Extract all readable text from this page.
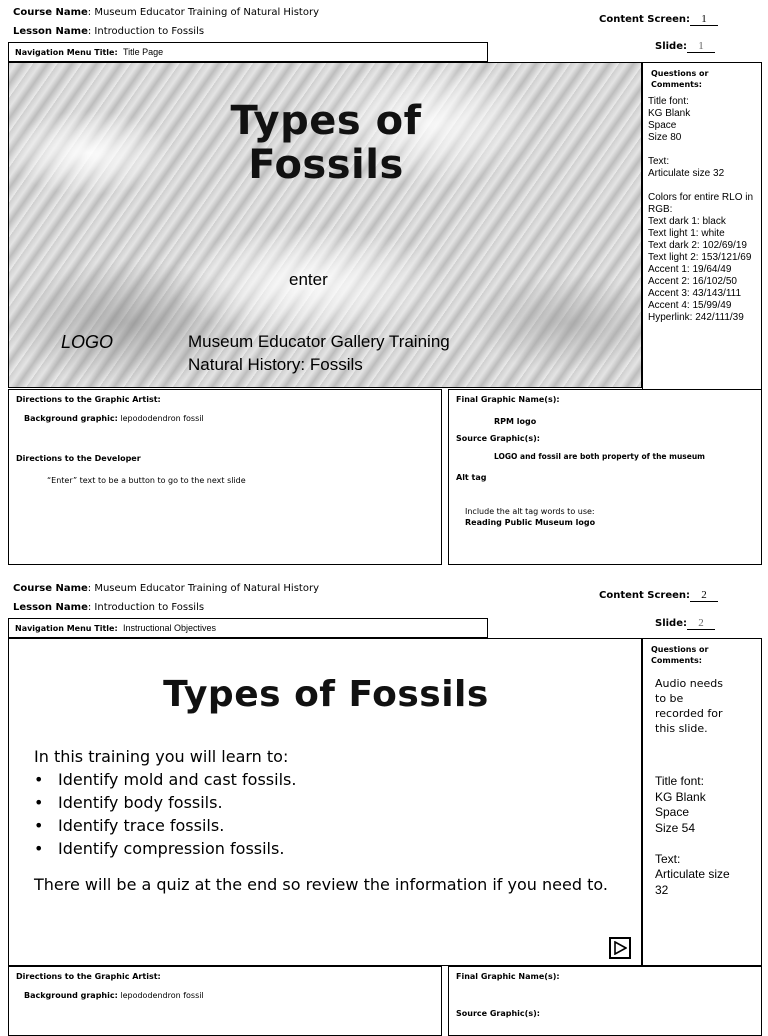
Course Name: Museum Educator Training of Natural History
Lesson Name: Introduction to Fossils
Content Screen: 1
Slide: 1
Navigation Menu Title: Title Page
Types of
Fossils
enter
LOGO	Museum Educator Gallery Training
Natural History: Fossils
Questions or
Comments:
Title font:
KG Blank
Space
Size 80

Text:
Articulate size 32

Colors for entire RLO in
RGB:
Text dark 1: black
Text light 1: white
Text dark 2: 102/69/19
Text light 2: 153/121/69
Accent 1: 19/64/49
Accent 2: 16/102/50
Accent 3: 43/143/111
Accent 4: 15/99/49
Hyperlink: 242/111/39
Directions to the Graphic Artist:
Background graphic: lepododendron fossil
Directions to the Developer
“Enter” text to be a button to go to the next slide
Final Graphic Name(s):
RPM logo
Source Graphic(s):
LOGO and fossil are both property of the museum
Alt tag
Include the alt tag words to use:
Reading Public Museum logo
Course Name: Museum Educator Training of Natural History
Lesson Name: Introduction to Fossils
Content Screen: 2
Slide: 2
Navigation Menu Title: Instructional Objectives
Types of Fossils
In this training you will learn to:
• Identify mold and cast fossils.
• Identify body fossils.
• Identify trace fossils.
• Identify compression fossils.
There will be a quiz at the end so review the information if you need to.
Questions or
Comments:
Audio needs
to be
recorded for
this slide.
Title font:
KG Blank
Space
Size 54

Text:
Articulate size
32
Directions to the Graphic Artist:
Background graphic: lepododendron fossil
Final Graphic Name(s):
Source Graphic(s):
